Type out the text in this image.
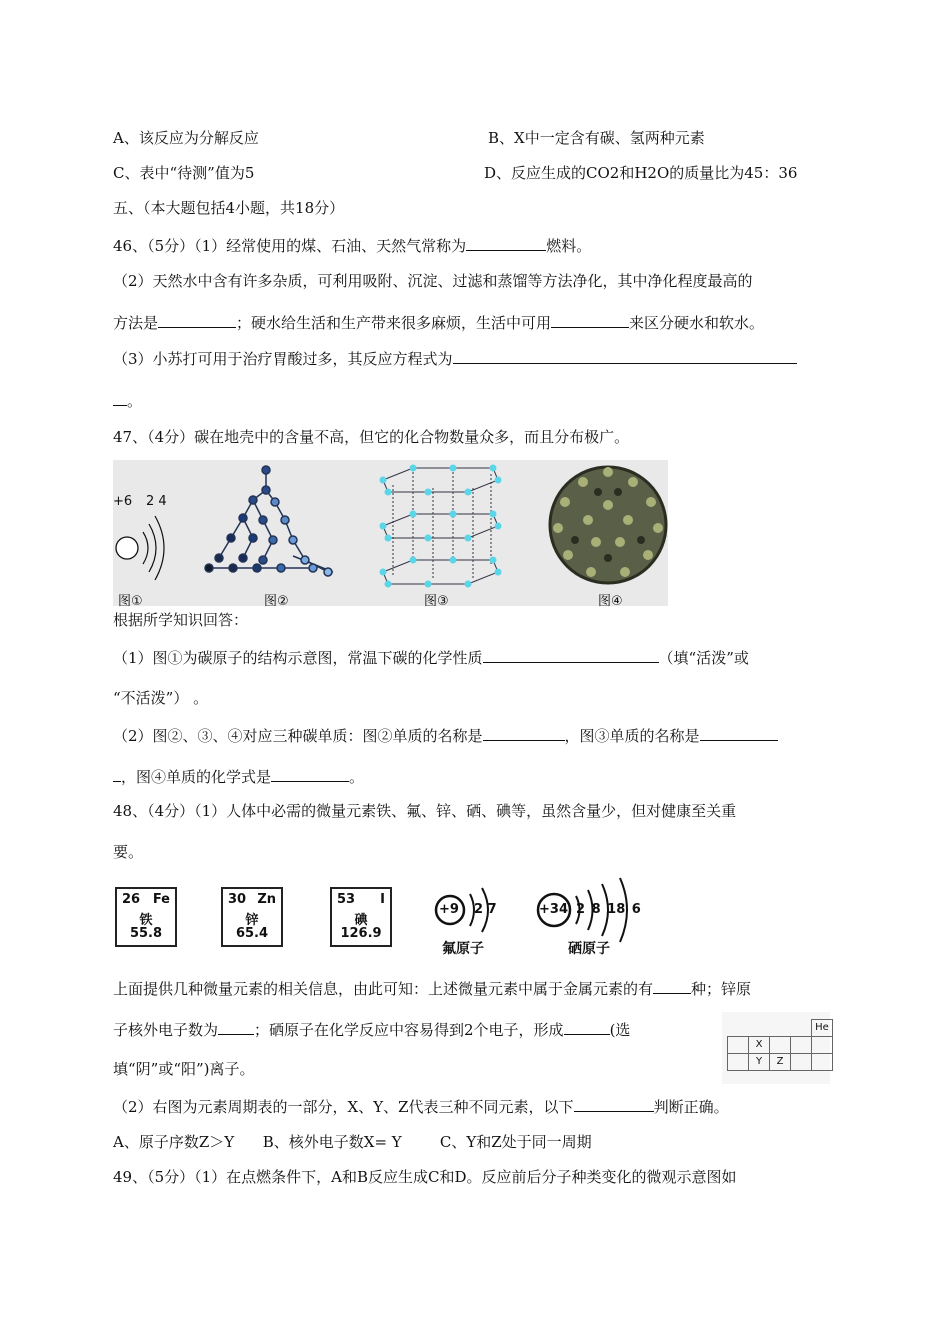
A、该反应为分解反应	B、X中一定含有碳、氢两种元素
C、表中“待测”值为5	D、反应生成的CO2和H2O的质量比为45：36
五、（本大题包括4小题，共18分）
46、（5分）（1）经常使用的煤、石油、天然气常称为	燃料。
（2）天然水中含有许多杂质，可利用吸附、沉淀、过滤和蒸馏等方法净化，其中净化程度最高的
方法是	；硬水给生活和生产带来很多麻烦，生活中可用	来区分硬水和软水。
（3）小苏打可用于治疗胃酸过多，其反应方程式为
。
47、（4分）碳在地壳中的含量不高，但它的化合物数量众多，而且分布极广。
+6 2 4
图①	图②	图③	图④
根据所学知识回答：
（1）图①为碳原子的结构示意图，常温下碳的化学性质	（填“活泼”或
“不活泼”） 。
（2）图②、③、④对应三种碳单质：图②单质的名称是	，图③单质的名称是
，图④单质的化学式是	。
48、（4分）（1）人体中必需的微量元素铁、氟、锌、硒、碘等，虽然含量少，但对健康至关重
要。
26 Fe
铁
55.8
30 Zn
锌
65.4
53 I
碘
126.9
+9 2 7
氟原子
+34 2 8 18 6
硒原子
上面提供几种微量元素的相关信息，由此可知：上述微量元素中属于金属元素的有	种；锌原
子核外电子数为 ；硒原子在化学反应中容易得到2个电子，形成	(选
填“阴”或“阳”)离子。
He
X
Y	Z
（2）右图为元素周期表的一部分，X、Y、Z代表三种不同元素，以下	判断正确。
A、原子序数Z＞Y      B、核外电子数X= Y        C、Y和Z处于同一周期
49、（5分）（1）在点燃条件下，A和B反应生成C和D。反应前后分子种类变化的微观示意图如
